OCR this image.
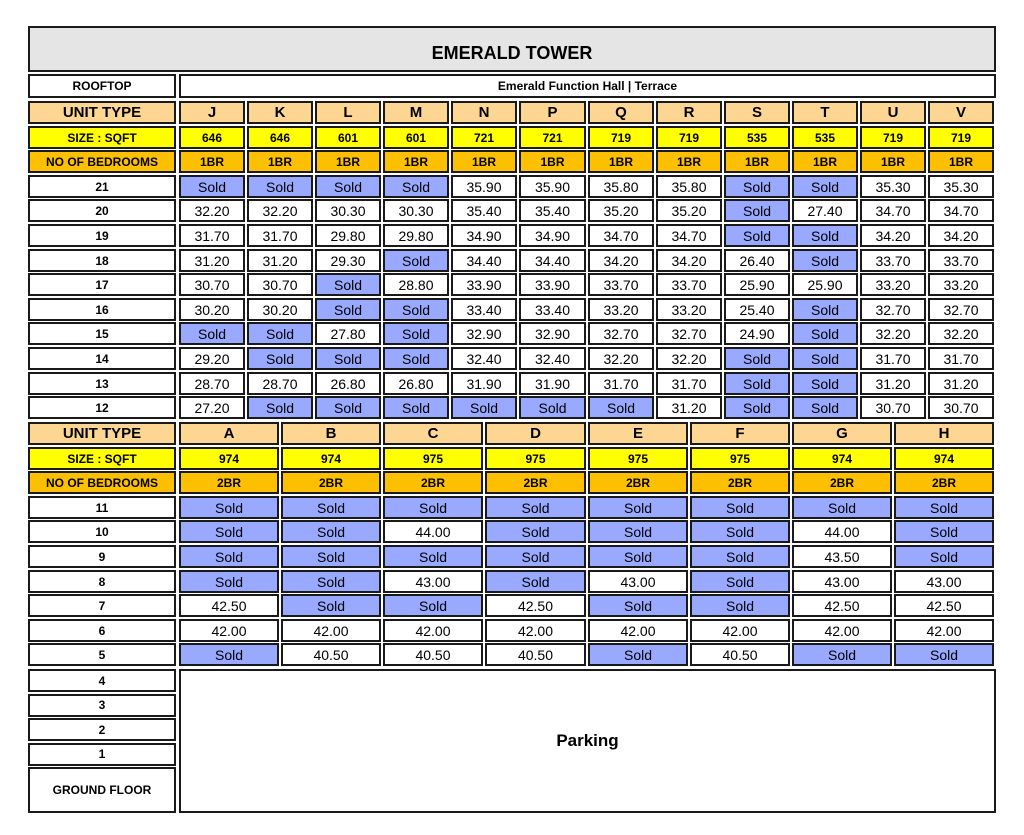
EMERALD TOWER
ROOFTOP	Emerald Function Hall | Terrace
UNIT TYPE	J	K	L	M	N	P	Q	R	S	T	U	V
SIZE : SQFT	646	646	601	601	721	721	719	719	535	535	719	719
NO OF BEDROOMS	1BR	1BR	1BR	1BR	1BR	1BR	1BR	1BR	1BR	1BR	1BR	1BR
21	Sold	Sold	Sold	Sold	35.90	35.90	35.80	35.80	Sold	Sold	35.30	35.30
20	32.20	32.20	30.30	30.30	35.40	35.40	35.20	35.20	Sold	27.40	34.70	34.70
19	31.70	31.70	29.80	29.80	34.90	34.90	34.70	34.70	Sold	Sold	34.20	34.20
18	31.20	31.20	29.30	Sold	34.40	34.40	34.20	34.20	26.40	Sold	33.70	33.70
17	30.70	30.70	Sold	28.80	33.90	33.90	33.70	33.70	25.90	25.90	33.20	33.20
16	30.20	30.20	Sold	Sold	33.40	33.40	33.20	33.20	25.40	Sold	32.70	32.70
15	Sold	Sold	27.80	Sold	32.90	32.90	32.70	32.70	24.90	Sold	32.20	32.20
14	29.20	Sold	Sold	Sold	32.40	32.40	32.20	32.20	Sold	Sold	31.70	31.70
13	28.70	28.70	26.80	26.80	31.90	31.90	31.70	31.70	Sold	Sold	31.20	31.20
12	27.20	Sold	Sold	Sold	Sold	Sold	Sold	31.20	Sold	Sold	30.70	30.70
UNIT TYPE	A	B	C	D	E	F	G	H
SIZE : SQFT	974	974	975	975	975	975	974	974
NO OF BEDROOMS	2BR	2BR	2BR	2BR	2BR	2BR	2BR	2BR
11	Sold	Sold	Sold	Sold	Sold	Sold	Sold	Sold
10	Sold	Sold	44.00	Sold	Sold	Sold	44.00	Sold
9	Sold	Sold	Sold	Sold	Sold	Sold	43.50	Sold
8	Sold	Sold	43.00	Sold	43.00	Sold	43.00	43.00
7	42.50	Sold	Sold	42.50	Sold	Sold	42.50	42.50
6	42.00	42.00	42.00	42.00	42.00	42.00	42.00	42.00
5	Sold	40.50	40.50	40.50	Sold	40.50	Sold	Sold
4
3
2
1
GROUND FLOOR
Parking
